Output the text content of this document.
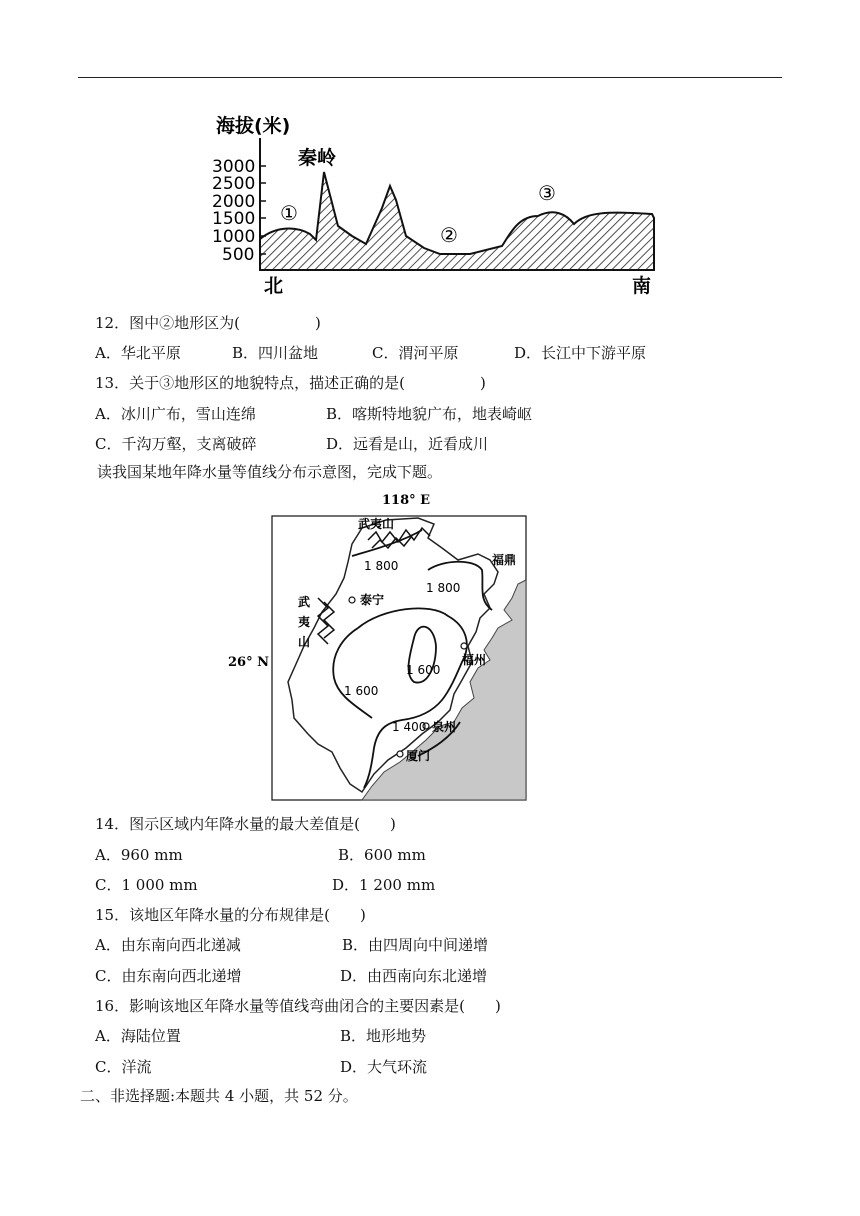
海拔(米)
3000
2500
2000
1500
1000
500
秦岭
①
②
③
北	南
12．图中②地形区为(　　　　　)
A．华北平原	B．四川盆地	C．渭河平原	D．长江中下游平原
13．关于③地形区的地貌特点，描述正确的是(　　　　　)
A．冰川广布，雪山连绵	B．喀斯特地貌广布，地表崎岖
C．千沟万壑，支离破碎	D．远看是山，近看成川
读我国某地年降水量等值线分布示意图，完成下题。
118° E
26° N
武夷山
武
夷
山
福鼎
泰宁
福州
泉州
厦门
1 800
1 800
1 600
1 600
1 400
14．图示区域内年降水量的最大差值是(　　)
A．960 mm	B．600 mm
C．1 000 mm	D．1 200 mm
15．该地区年降水量的分布规律是(　　)
A．由东南向西北递减	B．由四周向中间递增
C．由东南向西北递增	D．由西南向东北递增
16．影响该地区年降水量等值线弯曲闭合的主要因素是(　　)
A．海陆位置	B．地形地势
C．洋流	D．大气环流
二、非选择题:本题共 4 小题，共 52 分。
